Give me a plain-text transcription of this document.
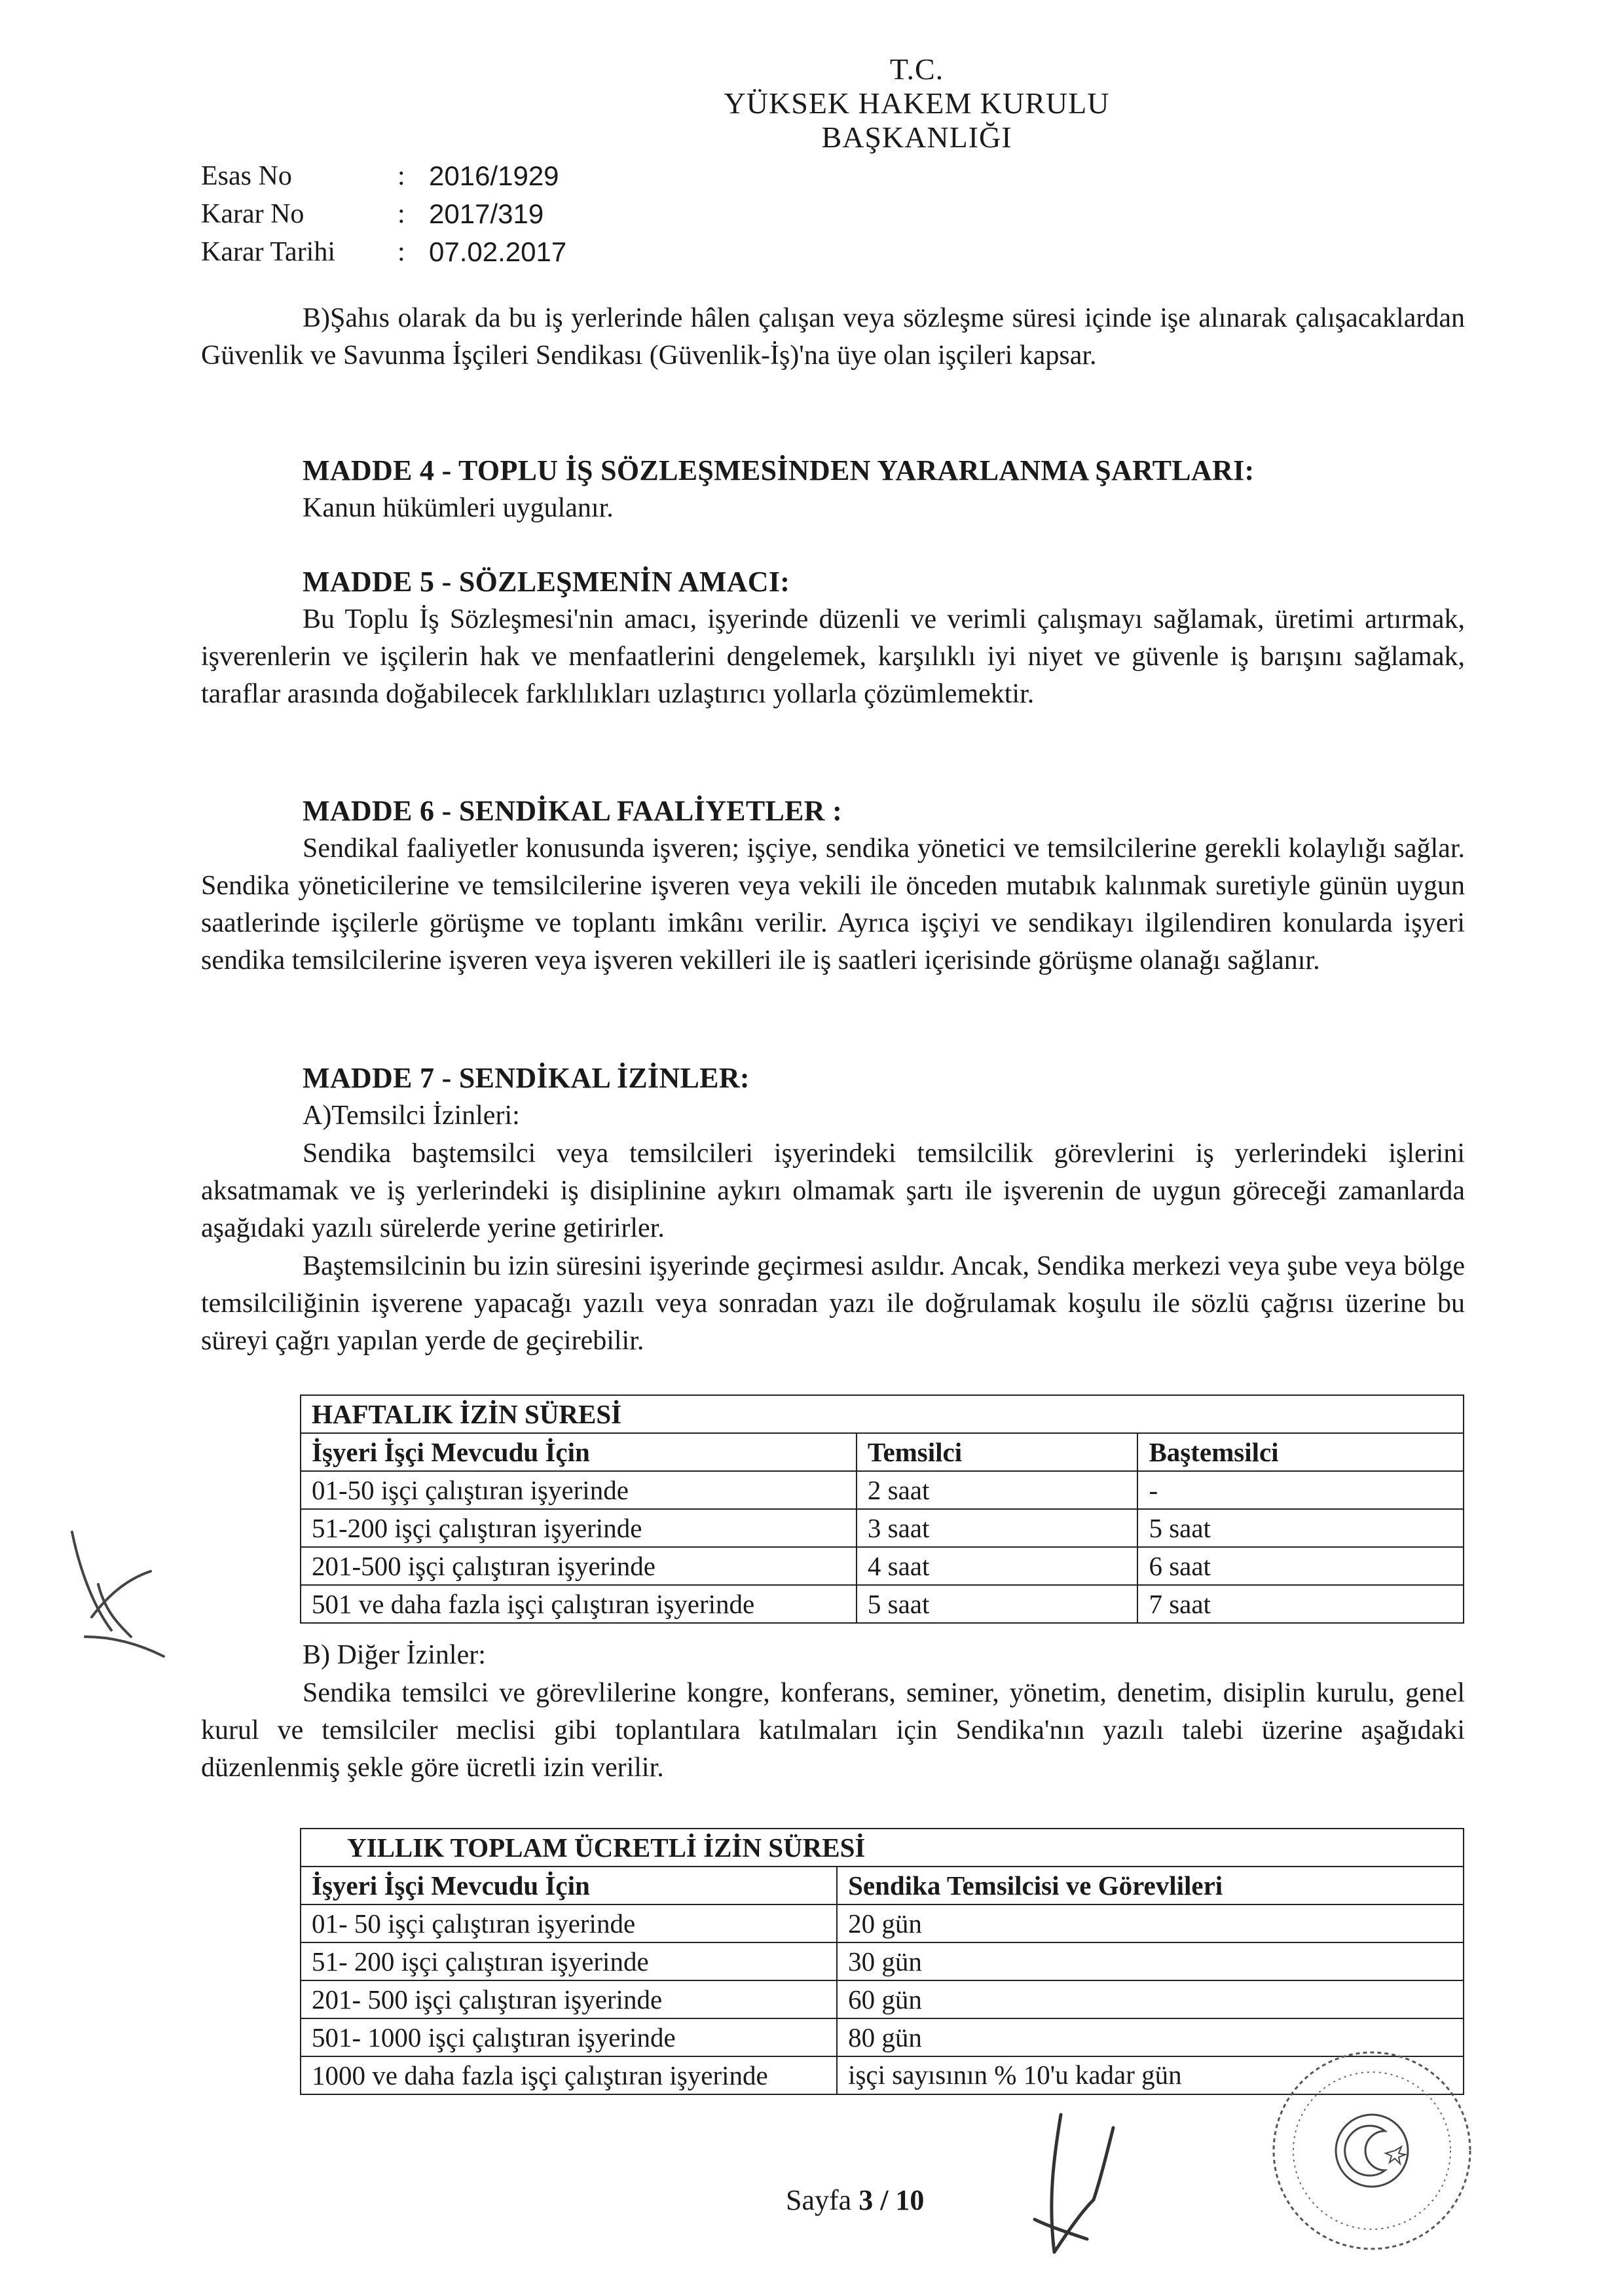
T.C.
YÜKSEK HAKEM KURULU
BAŞKANLIĞI
Esas No	: 2016/1929
Karar No	: 2017/319
Karar Tarihi	: 07.02.2017
B)Şahıs olarak da bu iş yerlerinde hâlen çalışan veya sözleşme süresi içinde işe alınarak çalışacaklardan Güvenlik ve Savunma İşçileri Sendikası (Güvenlik-İş)'na üye olan işçileri kapsar.
MADDE 4 - TOPLU İŞ SÖZLEŞMESİNDEN YARARLANMA ŞARTLARI:
Kanun hükümleri uygulanır.
MADDE 5 - SÖZLEŞMENİN AMACI:
Bu Toplu İş Sözleşmesi'nin amacı, işyerinde düzenli ve verimli çalışmayı sağlamak, üretimi artırmak, işverenlerin ve işçilerin hak ve menfaatlerini dengelemek, karşılıklı iyi niyet ve güvenle iş barışını sağlamak, taraflar arasında doğabilecek farklılıkları uzlaştırıcı yollarla çözümlemektir.
MADDE 6 - SENDİKAL FAALİYETLER :
Sendikal faaliyetler konusunda işveren; işçiye, sendika yönetici ve temsilcilerine gerekli kolaylığı sağlar. Sendika yöneticilerine ve temsilcilerine işveren veya vekili ile önceden mutabık kalınmak suretiyle günün uygun saatlerinde işçilerle görüşme ve toplantı imkânı verilir. Ayrıca işçiyi ve sendikayı ilgilendiren konularda işyeri sendika temsilcilerine işveren veya işveren vekilleri ile iş saatleri içerisinde görüşme olanağı sağlanır.
MADDE 7 - SENDİKAL İZİNLER:
A)Temsilci İzinleri:
Sendika baştemsilci veya temsilcileri işyerindeki temsilcilik görevlerini iş yerlerindeki işlerini aksatmamak ve iş yerlerindeki iş disiplinine aykırı olmamak şartı ile işverenin de uygun göreceği zamanlarda aşağıdaki yazılı sürelerde yerine getirirler.
Baştemsilcinin bu izin süresini işyerinde geçirmesi asıldır. Ancak, Sendika merkezi veya şube veya bölge temsilciliğinin işverene yapacağı yazılı veya sonradan yazı ile doğrulamak koşulu ile sözlü çağrısı üzerine bu süreyi çağrı yapılan yerde de geçirebilir.
HAFTALIK İZİN SÜRESİ		
İşyeri İşçi Mevcudu İçin	Temsilci	Baştemsilci
01-50 işçi çalıştıran işyerinde	2 saat	-
51-200 işçi çalıştıran işyerinde	3 saat	5 saat
201-500 işçi çalıştıran işyerinde	4 saat	6 saat
501 ve daha fazla işçi çalıştıran işyerinde	5 saat	7 saat
B) Diğer İzinler:
Sendika temsilci ve görevlilerine kongre, konferans, seminer, yönetim, denetim, disiplin kurulu, genel kurul ve temsilciler meclisi gibi toplantılara katılmaları için Sendika'nın yazılı talebi üzerine aşağıdaki düzenlenmiş şekle göre ücretli izin verilir.
YILLIK TOPLAM ÜCRETLİ İZİN SÜRESİ	
İşyeri İşçi Mevcudu İçin	Sendika Temsilcisi ve Görevlileri
01- 50 işçi çalıştıran işyerinde	20 gün
51- 200 işçi çalıştıran işyerinde	30 gün
201- 500 işçi çalıştıran işyerinde	60 gün
501- 1000 işçi çalıştıran işyerinde	80 gün
1000 ve daha fazla işçi çalıştıran işyerinde	işçi sayısının % 10'u kadar gün
Sayfa 3 / 10
